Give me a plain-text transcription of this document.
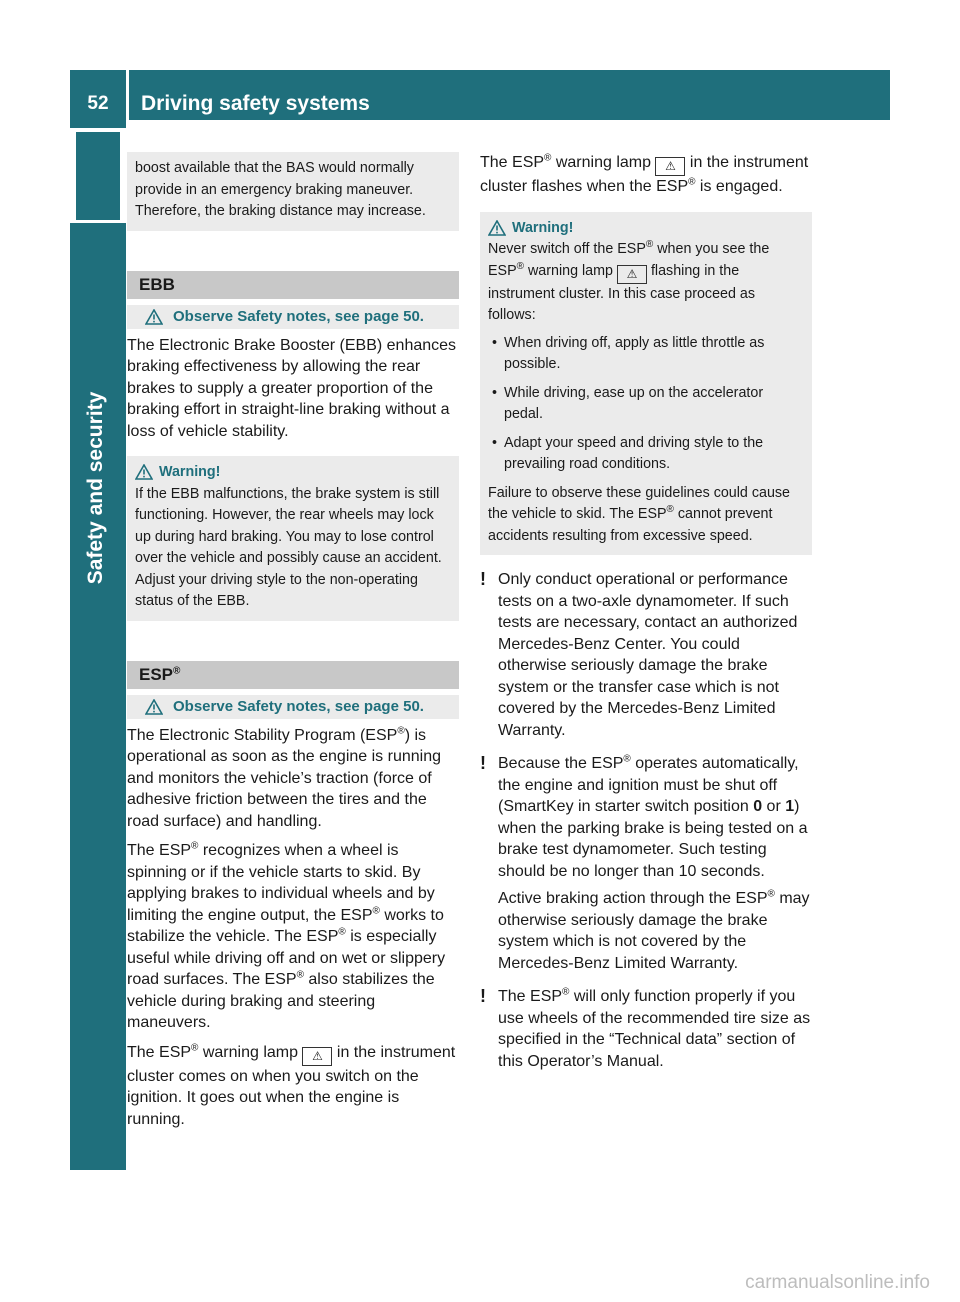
52	Driving safety systems
Safety and security

boost available that the BAS would normally provide in an emergency braking maneuver. Therefore, the braking distance may increase.

EBB
Observe Safety notes, see page 50.

The Electronic Brake Booster (EBB) enhances braking effectiveness by allowing the rear brakes to supply a greater proportion of the braking effort in straight-line braking without a loss of vehicle stability.

Warning!

If the EBB malfunctions, the brake system is still functioning. However, the rear wheels may lock up during hard braking. You may to lose control over the vehicle and possibly cause an accident. Adjust your driving style to the non-operating status of the EBB.

ESP®
Observe Safety notes, see page 50.

The Electronic Stability Program (ESP®) is operational as soon as the engine is running and monitors the vehicle’s traction (force of adhesive friction between the tires and the road surface) and handling.

The ESP® recognizes when a wheel is spinning or if the vehicle starts to skid. By applying brakes to individual wheels and by limiting the engine output, the ESP® works to stabilize the vehicle. The ESP® is especially useful while driving off and on wet or slippery road surfaces. The ESP® also stabilizes the vehicle during braking and steering maneuvers.

The ESP® warning lamp ⚠ in the instrument cluster comes on when you switch on the ignition. It goes out when the engine is running.

The ESP® warning lamp ⚠ in the instrument cluster flashes when the ESP® is engaged.

Warning!

Never switch off the ESP® when you see the ESP® warning lamp ⚠ flashing in the instrument cluster. In this case proceed as follows:

• When driving off, apply as little throttle as possible.
• While driving, ease up on the accelerator pedal.
• Adapt your speed and driving style to the prevailing road conditions.

Failure to observe these guidelines could cause the vehicle to skid. The ESP® cannot prevent accidents resulting from excessive speed.

! Only conduct operational or performance tests on a two-axle dynamometer. If such tests are necessary, contact an authorized Mercedes-Benz Center. You could otherwise seriously damage the brake system or the transfer case which is not covered by the Mercedes-Benz Limited Warranty.

! Because the ESP® operates automatically, the engine and ignition must be shut off (SmartKey in starter switch position 0 or 1) when the parking brake is being tested on a brake test dynamometer. Such testing should be no longer than 10 seconds.

Active braking action through the ESP® may otherwise seriously damage the brake system which is not covered by the Mercedes-Benz Limited Warranty.

! The ESP® will only function properly if you use wheels of the recommended tire size as specified in the “Technical data” section of this Operator’s Manual.

carmanualsonline.info
